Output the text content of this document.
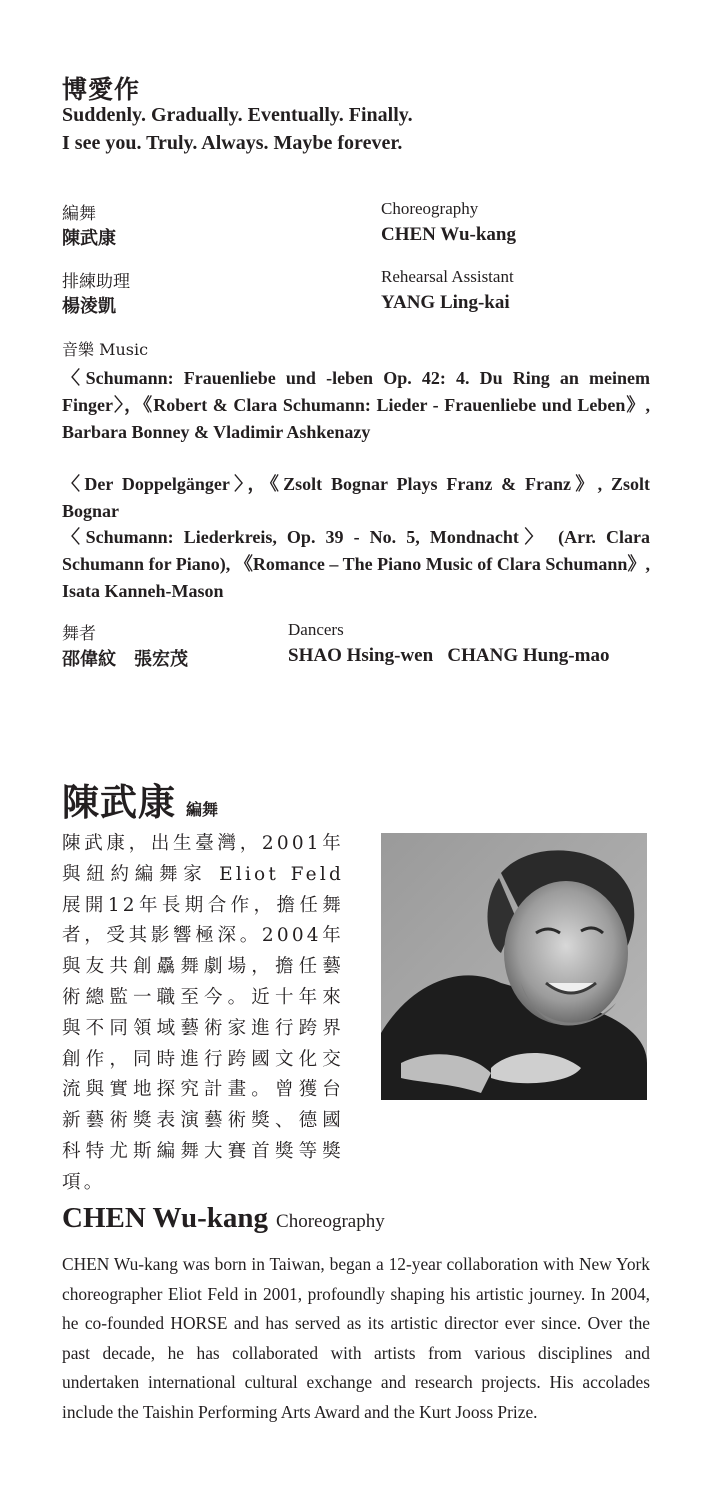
博愛作
Suddenly. Gradually. Eventually. Finally.
I see you. Truly. Always. Maybe forever.
編舞
陳武康
Choreography
CHEN Wu-kang
排練助理
楊淩凱
Rehearsal Assistant
YANG Ling-kai
音樂 Music
〈Schumann: Frauenliebe und -leben Op. 42: 4. Du Ring an meinem Finger〉，《Robert & Clara Schumann: Lieder - Frauenliebe und Leben》, Barbara Bonney & Vladimir Ashkenazy
〈Der Doppelgänger〉，《Zsolt Bognar Plays Franz & Franz》, Zsolt Bognar
〈Schumann: Liederkreis, Op. 39 - No. 5, Mondnacht〉 (Arr. Clara Schumann for Piano), 《Romance – The Piano Music of Clara Schumann》, Isata Kanneh-Mason
舞者
邵偉紋　張宏茂
Dancers
SHAO Hsing-wen   CHANG Hung-mao
陳武康 編舞
陳武康，出生臺灣，2001年與紐約編舞家 Eliot Feld 展開12年長期合作，擔任舞者，受其影響極深。2004年與友共創驫舞劇場，擔任藝術總監一職至今。近十年來與不同領域藝術家進行跨界創作，同時進行跨國文化交流與實地探究計畫。曾獲台新藝術獎表演藝術獎、德國科特尤斯編舞大賽首獎等獎項。
CHEN Wu-kang Choreography
CHEN Wu-kang was born in Taiwan, began a 12-year collaboration with New York choreographer Eliot Feld in 2001, profoundly shaping his artistic journey. In 2004, he co-founded HORSE and has served as its artistic director ever since. Over the past decade, he has collaborated with artists from various disciplines and undertaken international cultural exchange and research projects. His accolades include the Taishin Performing Arts Award and the Kurt Jooss Prize.
